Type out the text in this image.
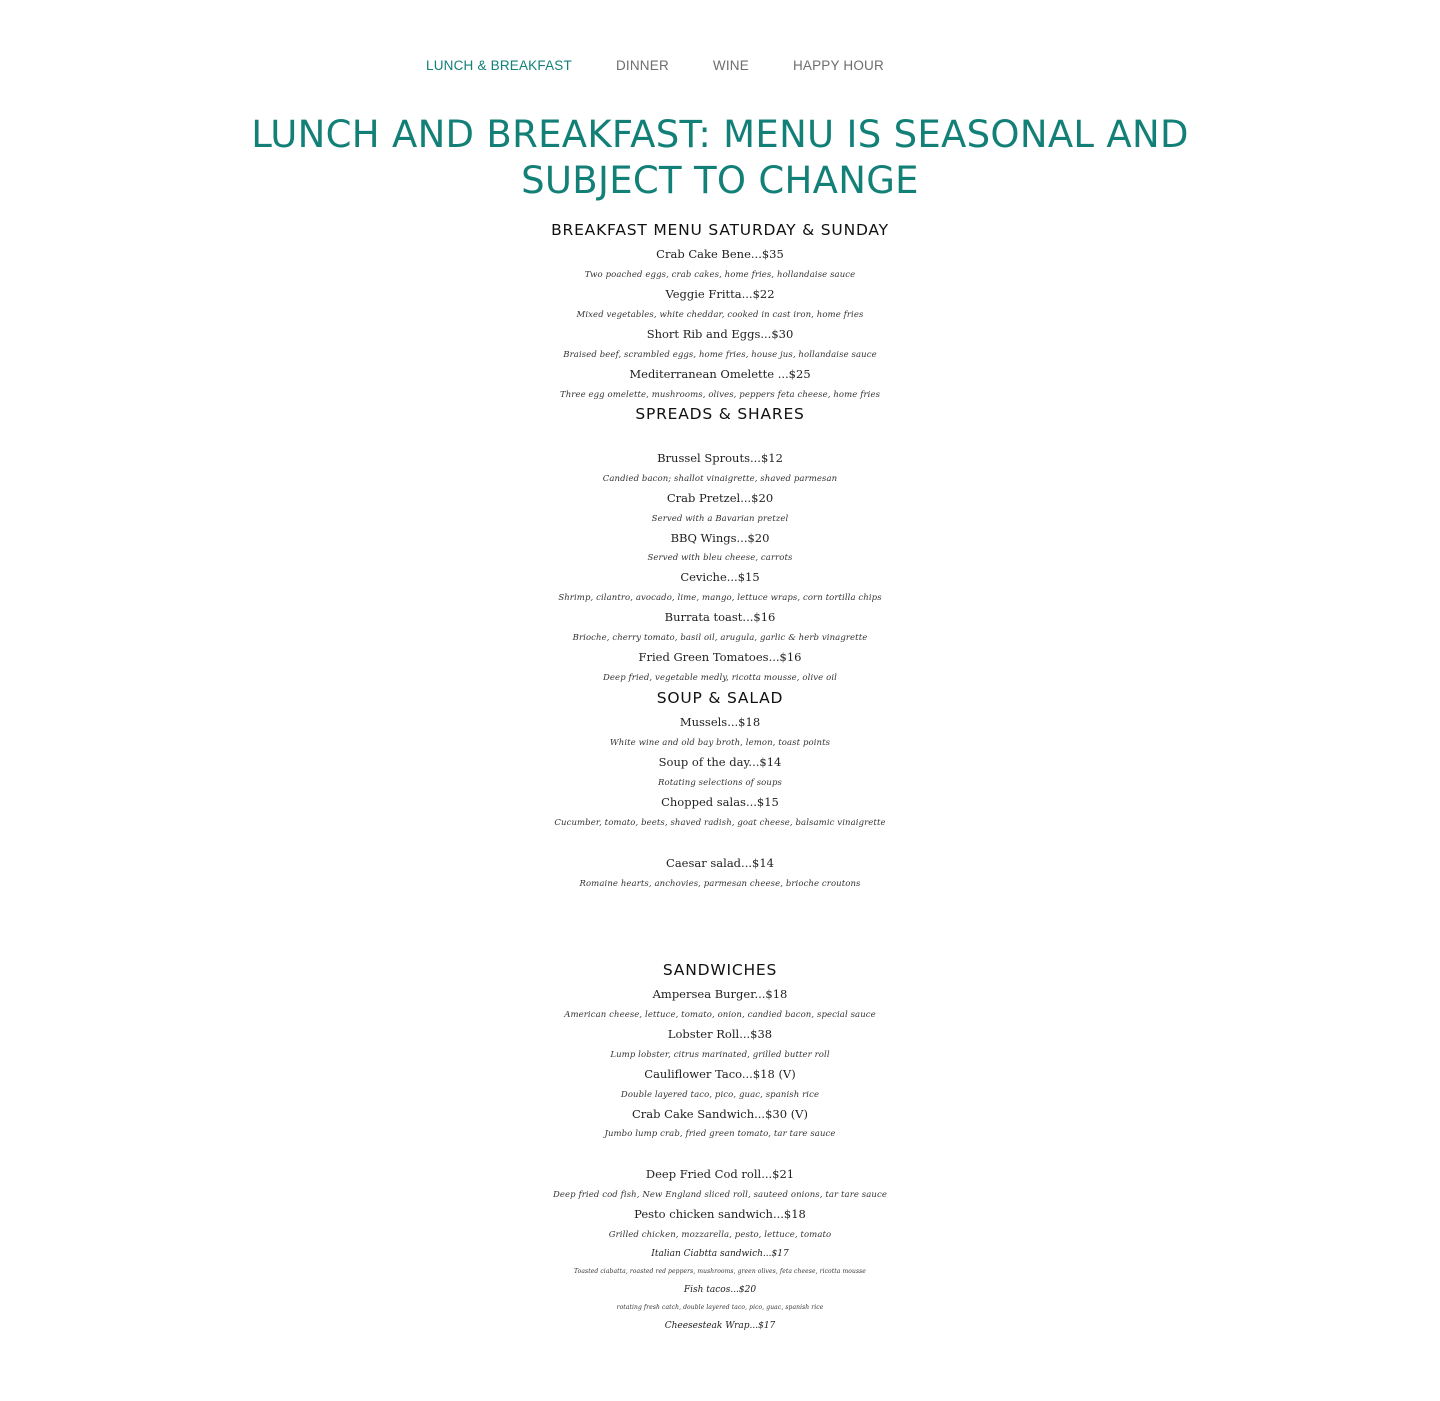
LUNCH & BREAKFAST	DINNER	WINE	HAPPY HOUR
LUNCH AND BREAKFAST: MENU IS SEASONAL AND SUBJECT TO CHANGE
BREAKFAST MENU SATURDAY & SUNDAY
Crab Cake Bene...$35
Two poached eggs, crab cakes, home fries, hollandaise sauce
Veggie Fritta...$22
Mixed vegetables, white cheddar, cooked in cast iron, home fries
Short Rib and Eggs...$30
Braised beef, scrambled eggs, home fries, house jus, hollandaise sauce
Mediterranean Omelette ...$25
Three egg omelette, mushrooms, olives, peppers feta cheese, home fries
SPREADS & SHARES
Brussel Sprouts...$12
Candied bacon; shallot vinaigrette, shaved parmesan
Crab Pretzel...$20
Served with a Bavarian pretzel
BBQ Wings...$20
Served with bleu cheese, carrots
Ceviche...$15
Shrimp, cilantro, avocado, lime, mango, lettuce wraps, corn tortilla chips
Burrata toast...$16
Brioche, cherry tomato, basil oil, arugula, garlic & herb vinagrette
Fried Green Tomatoes...$16
Deep fried, vegetable medly, ricotta mousse, olive oil
SOUP & SALAD
Mussels...$18
White wine and old bay broth, lemon, toast points
Soup of the day...$14
Rotating selections of soups
Chopped salas...$15
Cucumber, tomato, beets, shaved radish, goat cheese, balsamic vinaigrette
Caesar salad...$14
Romaine hearts, anchovies, parmesan cheese, brioche croutons
SANDWICHES
Ampersea Burger...$18
American cheese, lettuce, tomato, onion, candied bacon, special sauce
Lobster Roll...$38
Lump lobster, citrus marinated, grilled butter roll
Cauliflower Taco...$18 (V)
Double layered taco, pico, guac, spanish rice
Crab Cake Sandwich...$30 (V)
Jumbo lump crab, fried green tomato, tar tare sauce
Deep Fried Cod roll...$21
Deep fried cod fish, New England sliced roll, sauteed onions, tar tare sauce
Pesto chicken sandwich...$18
Grilled chicken, mozzarella, pesto, lettuce, tomato
Italian Ciabtta sandwich...$17
Toasted ciabatta, roasted red peppers, mushrooms, green olives, feta cheese, ricotta mousse
Fish tacos...$20
rotating fresh catch, double layered taco, pico, guac, spanish rice
Cheesesteak Wrap...$17
